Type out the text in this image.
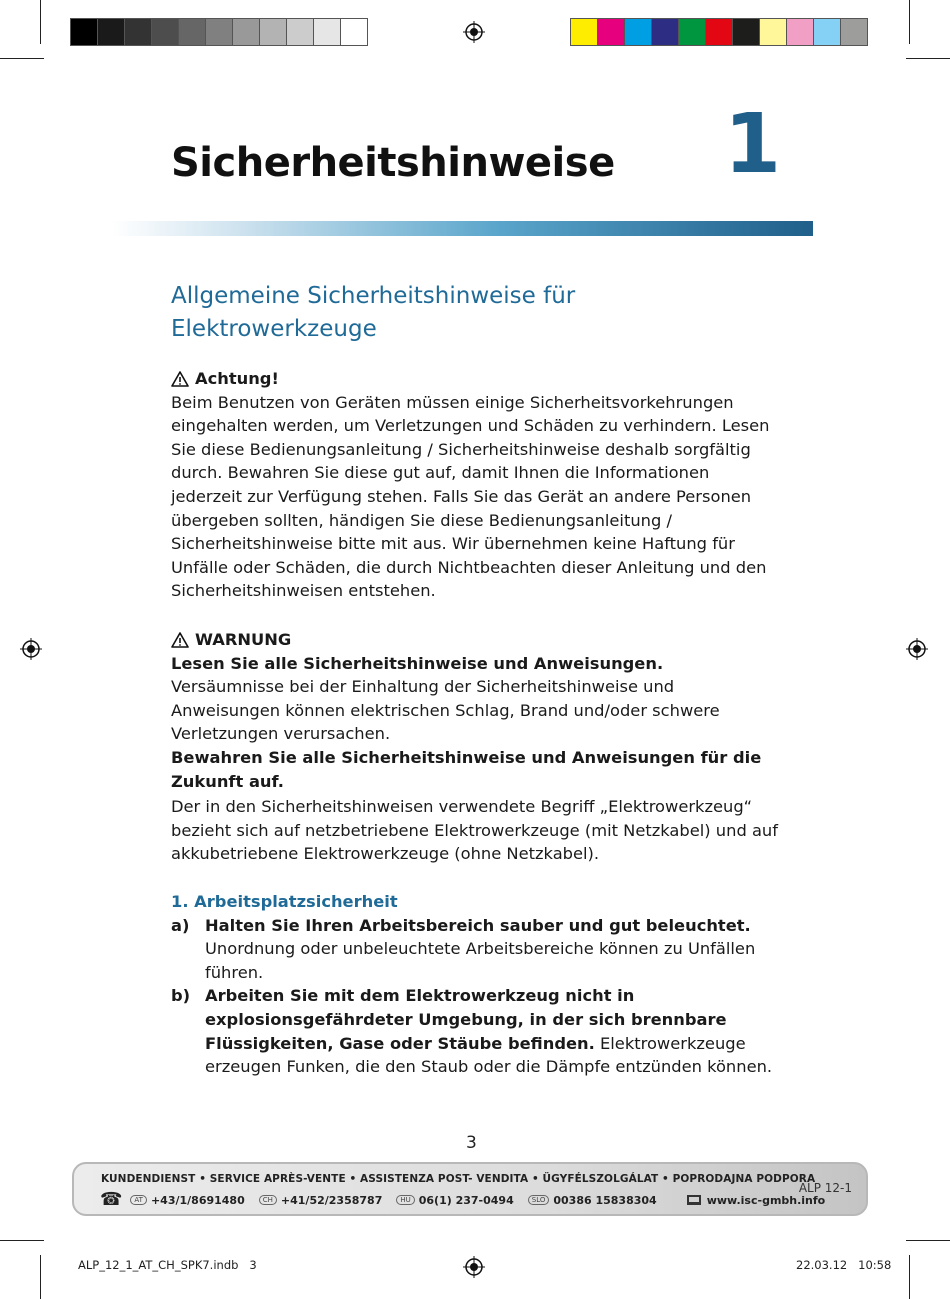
Sicherheitshinweise 1
Allgemeine Sicherheitshinweise für Elektrowerkzeuge
Achtung!
Beim Benutzen von Geräten müssen einige Sicherheitsvorkehrungen eingehalten werden, um Verletzungen und Schäden zu verhindern. Lesen Sie diese Bedienungsanleitung / Sicherheitshinweise deshalb sorgfältig durch. Bewahren Sie diese gut auf, damit Ihnen die Informationen jederzeit zur Verfügung stehen. Falls Sie das Gerät an andere Personen übergeben sollten, händigen Sie diese Bedienungsanleitung / Sicherheitshinweise bitte mit aus. Wir übernehmen keine Haftung für Unfälle oder Schäden, die durch Nichtbeachten dieser Anleitung und den Sicherheitshinweisen entstehen.
WARNUNG
Lesen Sie alle Sicherheitshinweise und Anweisungen. Versäumnisse bei der Einhaltung der Sicherheitshinweise und Anweisungen können elektrischen Schlag, Brand und/oder schwere Verletzungen verursachen.
Bewahren Sie alle Sicherheitshinweise und Anweisungen für die Zukunft auf.
Der in den Sicherheitshinweisen verwendete Begriff „Elektrowerkzeug“ bezieht sich auf netzbetriebene Elektrowerkzeuge (mit Netzkabel) und auf akkubetriebene Elektrowerkzeuge (ohne Netzkabel).
1. Arbeitsplatzsicherheit
a) Halten Sie Ihren Arbeitsbereich sauber und gut beleuchtet. Unordnung oder unbeleuchtete Arbeitsbereiche können zu Unfällen führen.
b) Arbeiten Sie mit dem Elektrowerkzeug nicht in explosionsgefährdeter Umgebung, in der sich brennbare Flüssigkeiten, Gase oder Stäube befinden. Elektrowerkzeuge erzeugen Funken, die den Staub oder die Dämpfe entzünden können.
3
KUNDENDIENST • SERVICE APRÈS-VENTE • ASSISTENZA POST- VENDITA • ÜGYFÉLSZOLGÁLAT • POPRODAJNA PODPORA
☎	AT +43/1/8691480	CH +41/52/2358787	HU 06(1) 237-0494	SLO 00386 15838304	www.isc-gmbh.info
ALP 12-1
ALP_12_1_AT_CH_SPK7.indb   3	22.03.12   10:58
